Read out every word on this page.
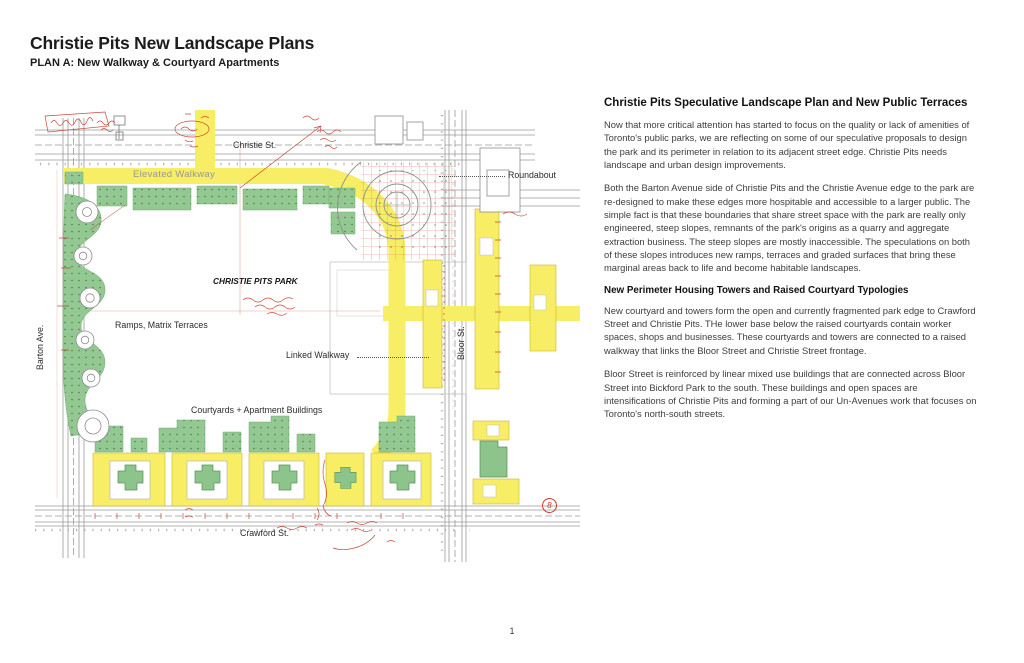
Christie Pits New Landscape Plans
PLAN A: New Walkway & Courtyard Apartments
Christie St.
Elevated Walkway	Roundabout
CHRISTIE PITS PARK
Ramps, Matrix Terraces
Linked Walkway
Courtyards + Apartment Buildings
Crawford St.
Barton Ave.	Bloor St.
8
Christie Pits Speculative Landscape Plan and New Public Terraces

Now that more critical attention has started to focus on the quality or lack of amenities of Toronto's public parks, we are reflecting on some of our speculative proposals to design the park and its perimeter in relation to its adjacent street edge. Christie Pits needs landscape and urban design improvements.

Both the Barton Avenue side of Christie Pits and the Christie Avenue edge to the park are re-designed to make these edges more hospitable and accessible to a larger public. The simple fact is that these boundaries that share street space with the park are really only engineered, steep slopes, remnants of the park's origins as a quarry and aggregate extraction business. The steep slopes are mostly inaccessible. The speculations on both of these slopes introduces new ramps, terraces and graded surfaces that bring these marginal areas back to life and become habitable landscapes.

New Perimeter Housing Towers and Raised Courtyard Typologies

New courtyard and towers form the open and currently fragmented park edge to Crawford Street and Christie Pits. THe lower base below the raised courtyards contain worker spaces, shops and businesses. These courtyards and towers are connected to a raised walkway that links the Bloor Street and Christie Street frontage.

Bloor Street is reinforced by linear mixed use buildings that are connected across Bloor Street into Bickford Park to the south. These buildings and open spaces are intensifications of Christie Pits and forming a part of our Un-Avenues work that focuses on Toronto's north-south streets.

1
